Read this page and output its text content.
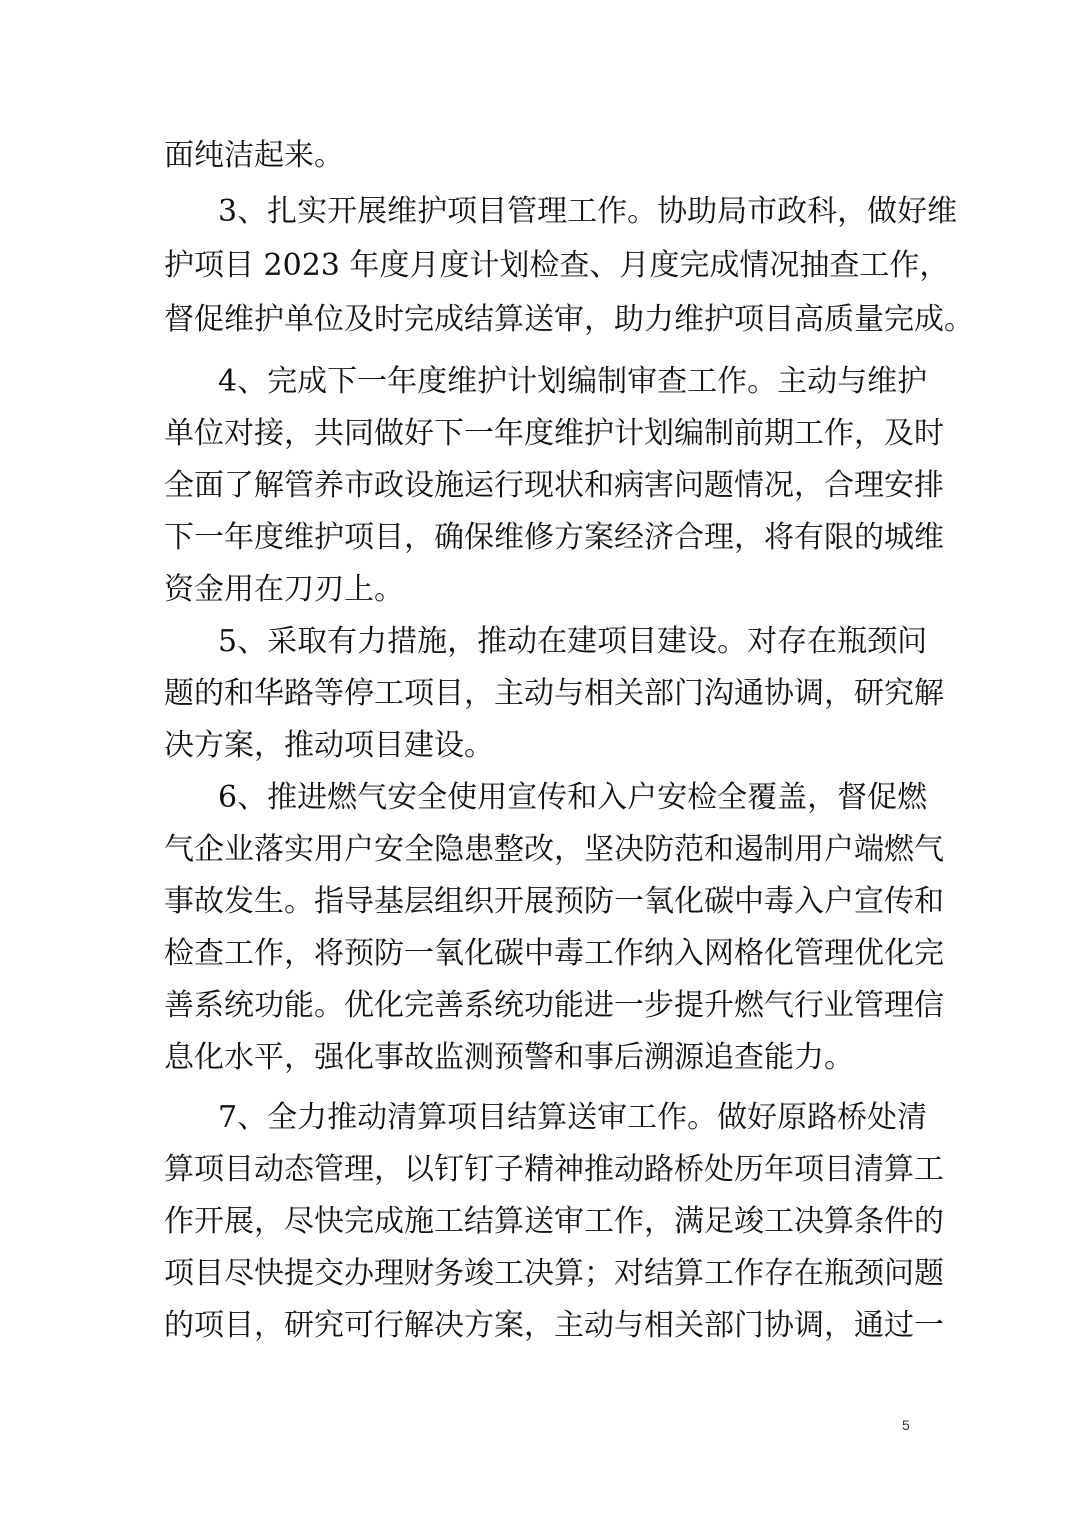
面纯洁起来。
3、扎实开展维护项目管理工作。协助局市政科，做好维
护项目 2023 年度月度计划检查、月度完成情况抽查工作，
督促维护单位及时完成结算送审，助力维护项目高质量完成。
4、完成下一年度维护计划编制审查工作。主动与维护
单位对接，共同做好下一年度维护计划编制前期工作，及时
全面了解管养市政设施运行现状和病害问题情况，合理安排
下一年度维护项目，确保维修方案经济合理，将有限的城维
资金用在刀刃上。
5、采取有力措施，推动在建项目建设。对存在瓶颈问
题的和华路等停工项目，主动与相关部门沟通协调，研究解
决方案，推动项目建设。
6、推进燃气安全使用宣传和入户安检全覆盖，督促燃
气企业落实用户安全隐患整改，坚决防范和遏制用户端燃气
事故发生。指导基层组织开展预防一氧化碳中毒入户宣传和
检查工作，将预防一氧化碳中毒工作纳入网格化管理优化完
善系统功能。优化完善系统功能进一步提升燃气行业管理信
息化水平，强化事故监测预警和事后溯源追查能力。
7、全力推动清算项目结算送审工作。做好原路桥处清
算项目动态管理，以钉钉子精神推动路桥处历年项目清算工
作开展，尽快完成施工结算送审工作，满足竣工决算条件的
项目尽快提交办理财务竣工决算；对结算工作存在瓶颈问题
的项目，研究可行解决方案，主动与相关部门协调，通过一
5
